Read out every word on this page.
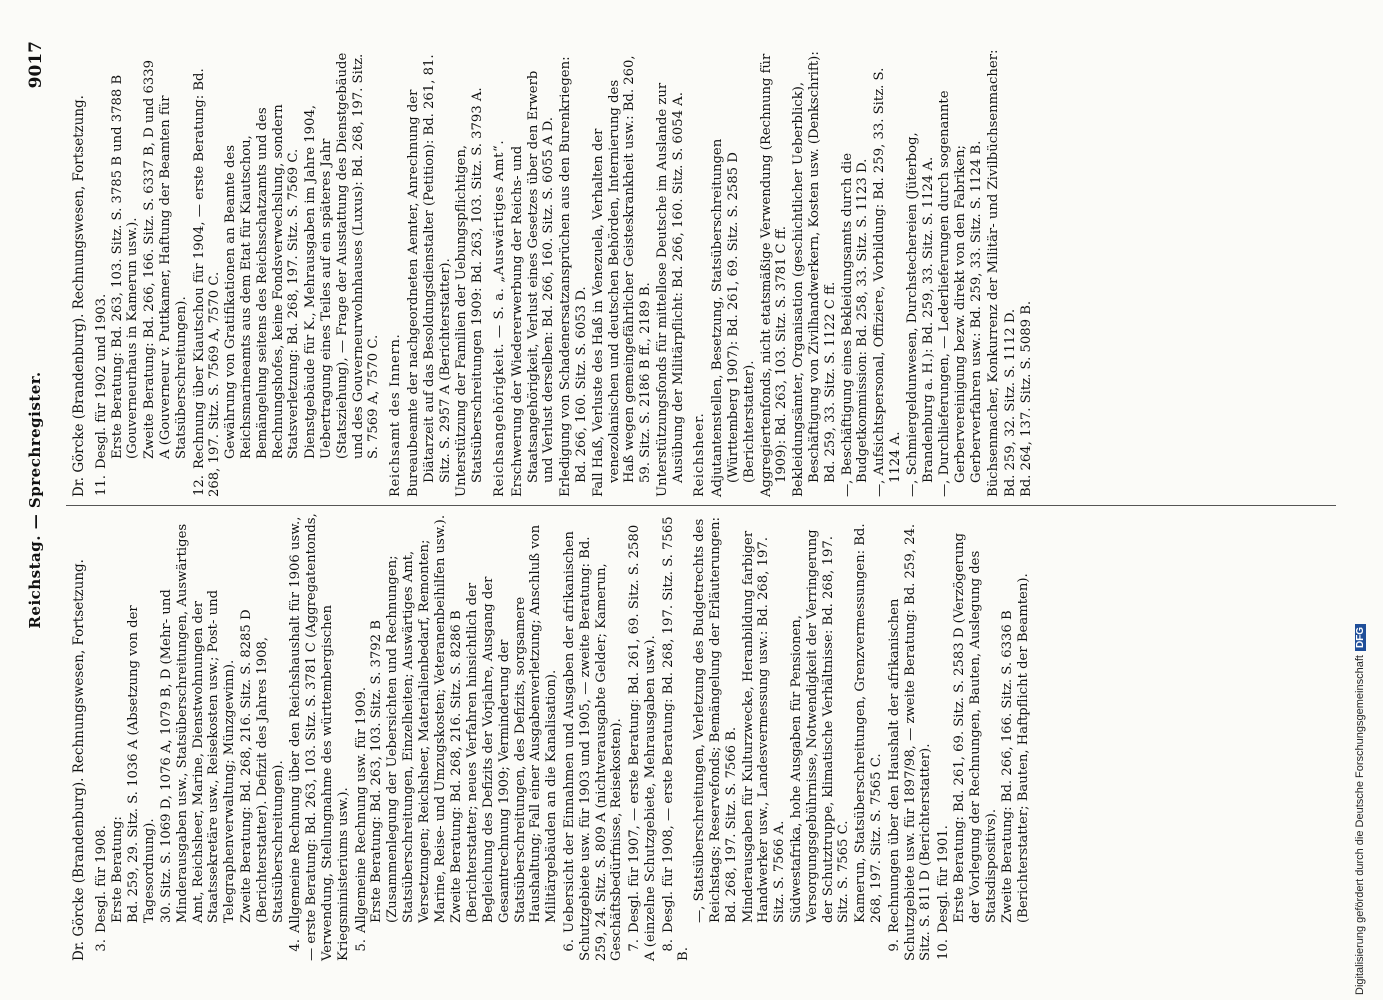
Reichstag. — Sprechregister.
9017
Dr. Görcke (Brandenburg). Rechnungswesen, Fortsetzung. 3.Desgl. für 1908. Erste Beratung: Bd. 259, 29. Sitz. S. 1036 A (Absetzung von der Tagesordnung). 30. Sitz. S. 1069 D, 1076 A, 1079 B, D (Mehr- und Minderausgaben usw., Statsüberschreitungen, Auswärtiges Amt, Reichsheer, Marine, Dienstwohnungen der Staatssekretäre usw., Reisekosten usw.; Post- und Telegraphenverwaltung; Münzgewinn). Zweite Beratung: Bd. 268, 216. Sitz. S. 8285 D (Berichterstatter). Defizit des Jahres 1908, Statsüberschreitungen).
4.Allgemeine Rechnung über den Reichshaushalt für 1906 usw., — erste Beratung: Bd. 263, 103. Sitz. S. 3781 C (Aggregatentonds, Verwendung, Stellungnahme des württembergischen Kriegsministeriums usw.). 5.Allgemeine Rechnung usw. für 1909. Erste Beratung: Bd. 263, 103. Sitz. S. 3792 B (Zusammenlegung der Uebersichten und Rechnungen; Statsüberschreitungen, Einzelheiten; Auswärtiges Amt, Versetzungen; Reichsheer, Materialienbedarf, Remonten; Marine, Reise- und Umzugskosten; Veteranenbeihilfen usw.). Zweite Beratung: Bd. 268, 216. Sitz. S. 8286 B (Berichterstatter; neues Verfahren hinsichtlich der Begleichung des Defizits der Vorjahre, Ausgang der Gesamtrechnung 1909; Verminderung der Statsüberschreitungen, des Defizits, sorgsamere Haushaltung; Fall einer Ausgabenverletzung; Anschluß von Militärgebäuden an die Kanalisation).
6.Uebersicht der Einnahmen und Ausgaben der afrikanischen Schutzgebiete usw. für 1903 und 1905, — zweite Beratung: Bd. 259, 24. Sitz. S. 809 A (nichtverausgabte Gelder; Kamerun, Geschäftsbedürfnisse, Reisekosten). 7.Desgl. für 1907, — erste Beratung: Bd. 261, 69. Sitz. S. 2580 A (einzelne Schutzgebiete, Mehrausgaben usw.). 8.Desgl. für 1908, — erste Beratung: Bd. 268, 197. Sitz. S. 7565 B.
—, Statsüberschreitungen, Verletzung des Budgetrechts des Reichstags; Reservefonds; Bemängelung der Erläuterungen: Bd. 268, 197. Sitz. S. 7566 B. Minderausgaben für Kulturzwecke, Heranbildung farbiger Handwerker usw., Landesvermessung usw.: Bd. 268, 197. Sitz. S. 7566 A. Südwestafrika, hohe Ausgaben für Pensionen, Versorgungsgebührnisse, Notwendigkeit der Verringerung der Schutztruppe, klimatische Verhältnisse: Bd. 268, 197. Sitz. S. 7565 C. Kamerun, Statsüberschreitungen, Grenzvermessungen: Bd. 268, 197. Sitz. S. 7565 C.
9.Rechnungen über den Haushalt der afrikanischen Schutzgebiete usw. für 1897/98, — zweite Beratung: Bd. 259, 24. Sitz. S. 811 D (Berichterstatter). 10.Desgl. für 1901. Erste Beratung: Bd. 261, 69. Sitz. S. 2583 D (Verzögerung der Vorlegung der Rechnungen, Bauten, Auslegung des Statsdispositivs). Zweite Beratung: Bd. 266, 166. Sitz. S. 6336 B (Berichterstatter; Bauten, Haftpflicht der Beamten).
Dr. Görcke (Brandenburg). Rechnungswesen, Fortsetzung. 11.Desgl. für 1902 und 1903. Erste Beratung: Bd. 263, 103. Sitz. S. 3785 B und 3788 B (Gouverneurhaus in Kamerun usw.). Zweite Beratung: Bd. 266, 166. Sitz. S. 6337 B, D und 6339 A (Gouverneur v. Puttkamer, Haftung der Beamten für Statsüberschreitungen).
12.Rechnung über Kiautschou für 1904, — erste Beratung: Bd. 268, 197. Sitz. S. 7569 A, 7570 C. Gewährung von Gratifikationen an Beamte des Reichsmarineamts aus dem Etat für Kiautschou, Bemängelung seitens des Reichsschatzamts und des Rechnungshofes, keine Fondsverwechslung, sondern Statsverletzung: Bd. 268, 197. Sitz. S. 7569 C. Dienstgebäude für K., Mehrausgaben im Jahre 1904, Uebertragung eines Teiles auf ein späteres Jahr (Statsziehung), — Frage der Ausstattung des Dienstgebäude und des Gouverneurwohnhauses (Luxus): Bd. 268, 197. Sitz. S. 7569 A, 7570 C. Reichsamt des Innern. Bureaubeamte der nachgeordneten Aemter, Anrechnung der Diätarzeit auf das Besoldungsdienstalter (Petition): Bd. 261, 81. Sitz. S. 2957 A (Berichterstatter). Unterstützung der Familien der Uebungspflichtigen, Statsüberschreitungen 1909: Bd. 263, 103. Sitz. S. 3793 A. Reichsangehörigkeit. — S. a. „Auswärtiges Amt“. Erschwerung der Wiedererwerbung der Reichs- und Staatsangehörigkeit, Verlust eines Gesetzes über den Erwerb und Verlust derselben: Bd. 266, 160. Sitz. S. 6055 A D. Erledigung von Schadenersatzansprüchen aus den Burenkriegen: Bd. 266, 160. Sitz. S. 6053 D. Fall Haß, Verluste des Haß in Venezuela, Verhalten der venezolanischen und deutschen Behörden, Internierung des Haß wegen gemeingefährlicher Geisteskrankheit usw.: Bd. 260, 59. Sitz. S. 2186 B ff., 2189 B. Unterstützungsfonds für mittellose Deutsche im Auslande zur Ausübung der Militärpflicht: Bd. 266, 160. Sitz. S. 6054 A. Reichsheer. Adjutantenstellen, Besetzung, Statsüberschreitungen (Württemberg 1907): Bd. 261, 69. Sitz. S. 2585 D (Berichterstatter). Aggregiertenfonds, nicht etatsmäßige Verwendung (Rechnung für 1909): Bd. 263, 103. Sitz. S. 3781 C ff. Bekleidungsämter, Organisation (geschichtlicher Ueberblick), Beschäftigung von Zivilhandwerkern, Kosten usw. (Denkschrift): Bd. 259, 33. Sitz. S. 1122 C ff. —, Beschäftigung eines Bekleidungsamts durch die Budgetkommission: Bd. 258, 33. Sitz. S. 1123 D. —, Aufsichtspersonal, Offiziere, Vorbildung: Bd. 259, 33. Sitz. S. 1124 A. —, Schmiergeldunwesen, Durchstechereien (Jüterbog, Brandenburg a. H.): Bd. 259, 33. Sitz. S. 1124 A. —, Durchlieferungen, — Lederlieferungen durch sogenannte Gerbervereinigung bezw. direkt von den Fabriken; Gerberverfahren usw.: Bd. 259, 33. Sitz. S. 1124 B. Büchsenmacher, Konkurrenz der Militär- und Zivilbüchsenmacher: Bd. 259, 32. Sitz. S. 1112 D. Bd. 264, 137. Sitz. S. 5089 B.
Digitalisierung gefördert durch die Deutsche ForschungsgemeinschaftDFG
